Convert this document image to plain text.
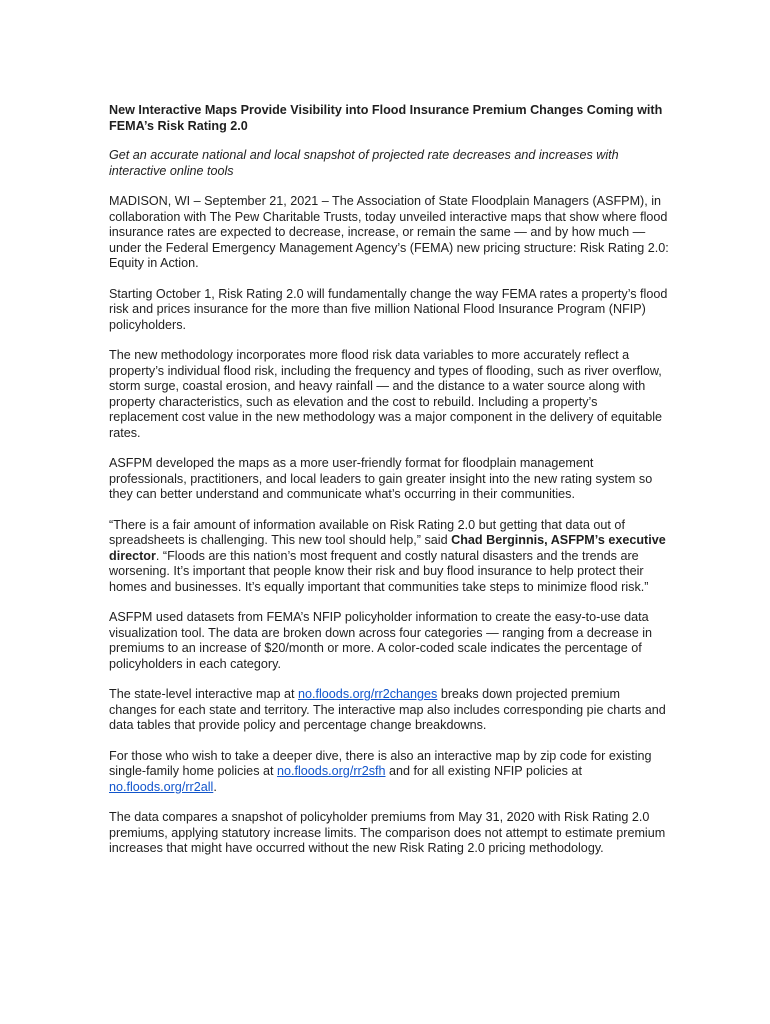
New Interactive Maps Provide Visibility into Flood Insurance Premium Changes Coming with FEMA’s Risk Rating 2.0

Get an accurate national and local snapshot of projected rate decreases and increases with interactive online tools

MADISON, WI – September 21, 2021 – The Association of State Floodplain Managers (ASFPM), in collaboration with The Pew Charitable Trusts, today unveiled interactive maps that show where flood insurance rates are expected to decrease, increase, or remain the same — and by how much — under the Federal Emergency Management Agency’s (FEMA) new pricing structure: Risk Rating 2.0: Equity in Action.

Starting October 1, Risk Rating 2.0 will fundamentally change the way FEMA rates a property’s flood risk and prices insurance for the more than five million National Flood Insurance Program (NFIP) policyholders.

The new methodology incorporates more flood risk data variables to more accurately reflect a property’s individual flood risk, including the frequency and types of flooding, such as river overflow, storm surge, coastal erosion, and heavy rainfall — and the distance to a water source along with property characteristics, such as elevation and the cost to rebuild. Including a property’s replacement cost value in the new methodology was a major component in the delivery of equitable rates.

ASFPM developed the maps as a more user-friendly format for floodplain management professionals, practitioners, and local leaders to gain greater insight into the new rating system so they can better understand and communicate what’s occurring in their communities.

“There is a fair amount of information available on Risk Rating 2.0 but getting that data out of spreadsheets is challenging. This new tool should help,” said Chad Berginnis, ASFPM’s executive director. “Floods are this nation’s most frequent and costly natural disasters and the trends are worsening. It’s important that people know their risk and buy flood insurance to help protect their homes and businesses. It’s equally important that communities take steps to minimize flood risk.”

ASFPM used datasets from FEMA’s NFIP policyholder information to create the easy-to-use data visualization tool. The data are broken down across four categories — ranging from a decrease in premiums to an increase of $20/month or more. A color-coded scale indicates the percentage of policyholders in each category.

The state-level interactive map at no.floods.org/rr2changes breaks down projected premium changes for each state and territory. The interactive map also includes corresponding pie charts and data tables that provide policy and percentage change breakdowns.

For those who wish to take a deeper dive, there is also an interactive map by zip code for existing single-family home policies at no.floods.org/rr2sfh and for all existing NFIP policies at no.floods.org/rr2all.

The data compares a snapshot of policyholder premiums from May 31, 2020 with Risk Rating 2.0 premiums, applying statutory increase limits. The comparison does not attempt to estimate premium increases that might have occurred without the new Risk Rating 2.0 pricing methodology.
